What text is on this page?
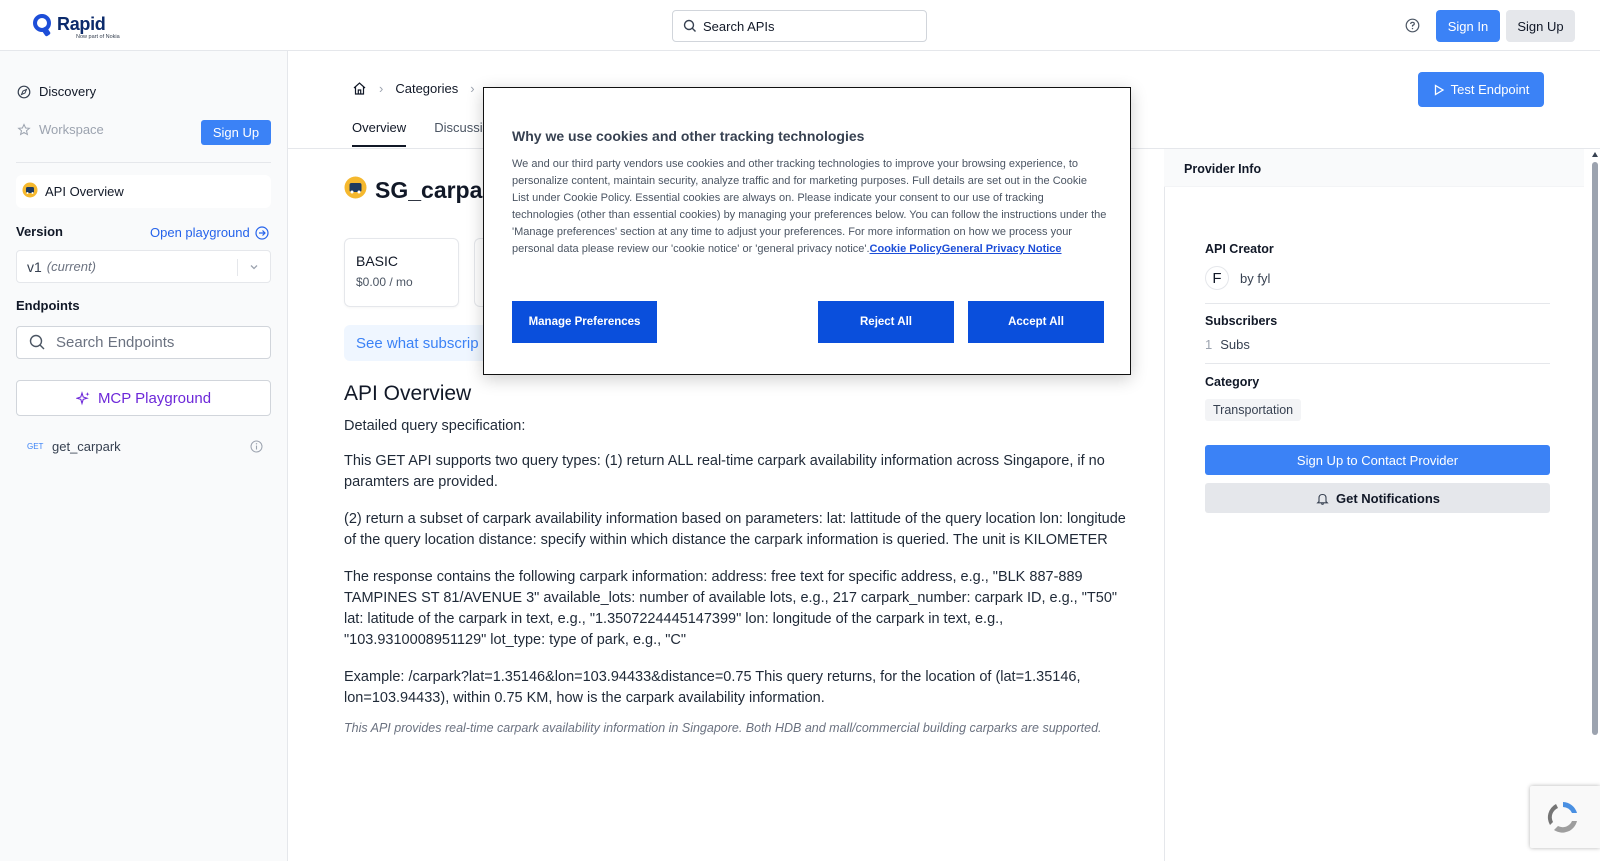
Rapid
Now part of Nokia
Search APIs	Sign In	Sign Up
Discovery
Workspace	Sign Up
API Overview
Version	Open playground
v1 (current)
Endpoints
Search Endpoints
MCP Playground
GET get_carpark
› Categories ›
Overview Discussi
Test Endpoint
SG_carpa
BASIC
$0.00 / mo
See what subscrip
API Overview

Detailed query specification:

This GET API supports two query types: (1) return ALL real-time carpark availability information across Singapore, if no paramters are provided.

(2) return a subset of carpark availability information based on parameters: lat: lattitude of the query location lon: longitude of the query location distance: specify within which distance the carpark information is queried. The unit is KILOMETER

The response contains the following carpark information: address: free text for specific address, e.g., "BLK 887-889 TAMPINES ST 81/AVENUE 3" available_lots: number of available lots, e.g., 217 carpark_number: carpark ID, e.g., "T50" lat: latitude of the carpark in text, e.g., "1.3507224445147399" lon: longitude of the carpark in text, e.g., "103.9310008951129" lot_type: type of park, e.g., "C"

Example: /carpark?lat=1.35146&lon=103.94433&distance=0.75 This query returns, for the location of (lat=1.35146, lon=103.94433), within 0.75 KM, how is the carpark availability information.

This API provides real-time carpark availability information in Singapore. Both HDB and mall/commercial building carparks are supported.
Provider Info
API Creator
F	by fyl
Subscribers
1 Subs
Category
Transportation
Sign Up to Contact Provider
Get Notifications
Why we use cookies and other tracking technologies
We and our third party vendors use cookies and other tracking technologies to improve your browsing experience, to personalize content, maintain security, analyze traffic and for marketing purposes. Full details are set out in the Cookie List under Cookie Policy. Essential cookies are always on. Please indicate your consent to our use of tracking technologies (other than essential cookies) by managing your preferences below. You can follow the instructions under the 'Manage preferences' section at any time to adjust your preferences. For more information on how we process your personal data please review our 'cookie notice' or 'general privacy notice'.Cookie PolicyGeneral Privacy Notice
Manage Preferences	Reject All	Accept All
